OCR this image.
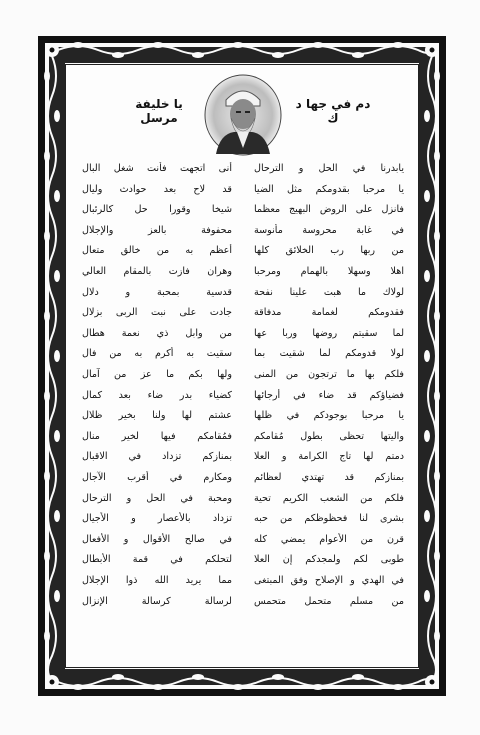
دم في جها د ك
يا خليفة مرسل
يابدرنا في الحل و الترحال
أنى اتجهت فأنت شغل البال
يا مرحبا بقدومكم مثل الضيا
قد لاح بعد حوادث وليال
فانزل على الروض البهيج معظما
شيخا وقورا حل كالرئبال
في غابة محروسة مأنوسة
محفوفة بالعز والإجلال
من ربها رب الخلائق كلها
أعظم به من خالق متعال
اهلا وسهلا بالهمام ومرحبا
وهران فازت بالمقام العالي
لولاك ما هبت علينا نفحة
قدسية بمحبة و دلال
فقدومكم لغمامة مدفاقة
جادت على نبت الربى بزلال
لما سقيتم روضها وربا عها
من وابل ذي نعمة هطال
لولا قدومكم لما شقيت بما
سقيت به أكرم به من فال
فلكم بها ما ترتجون من المنى
ولها بكم ما عز من آمال
فضياؤكم قد ضاء في أرجائها
كضياء بدر ضاء بعد كمال
يا مرحبا بوجودكم في ظلها
عشتم لها ولنا بخير ظلال
واليتها تحظى بطول مُقامكم
فمُقامكم فيها لخير منال
دمتم لها تاج الكرامة و العلا
بمنازكم تزداد في الاقبال
بمنازكم قد تهتدي لعظائم
ومكارم في أقرب الآجال
فلكم من الشعب الكريم تحية
ومحبة في الحل و الترحال
بشرى لنا فحظوظكم من حبه
تزداد بالأعصار و الأجيال
قرن من الأعوام يمضي كله
في صالح الأقوال و الأفعال
طوبى لكم ولمجدكم إن العلا
لتحلكم في قمة الأبطال
في الهدي و الإصلاح وفق المبتغى
مما يريد الله ذوا الإجلال
من مسلم متحمل متحمس
لرسالة كرسالة الإنزال
